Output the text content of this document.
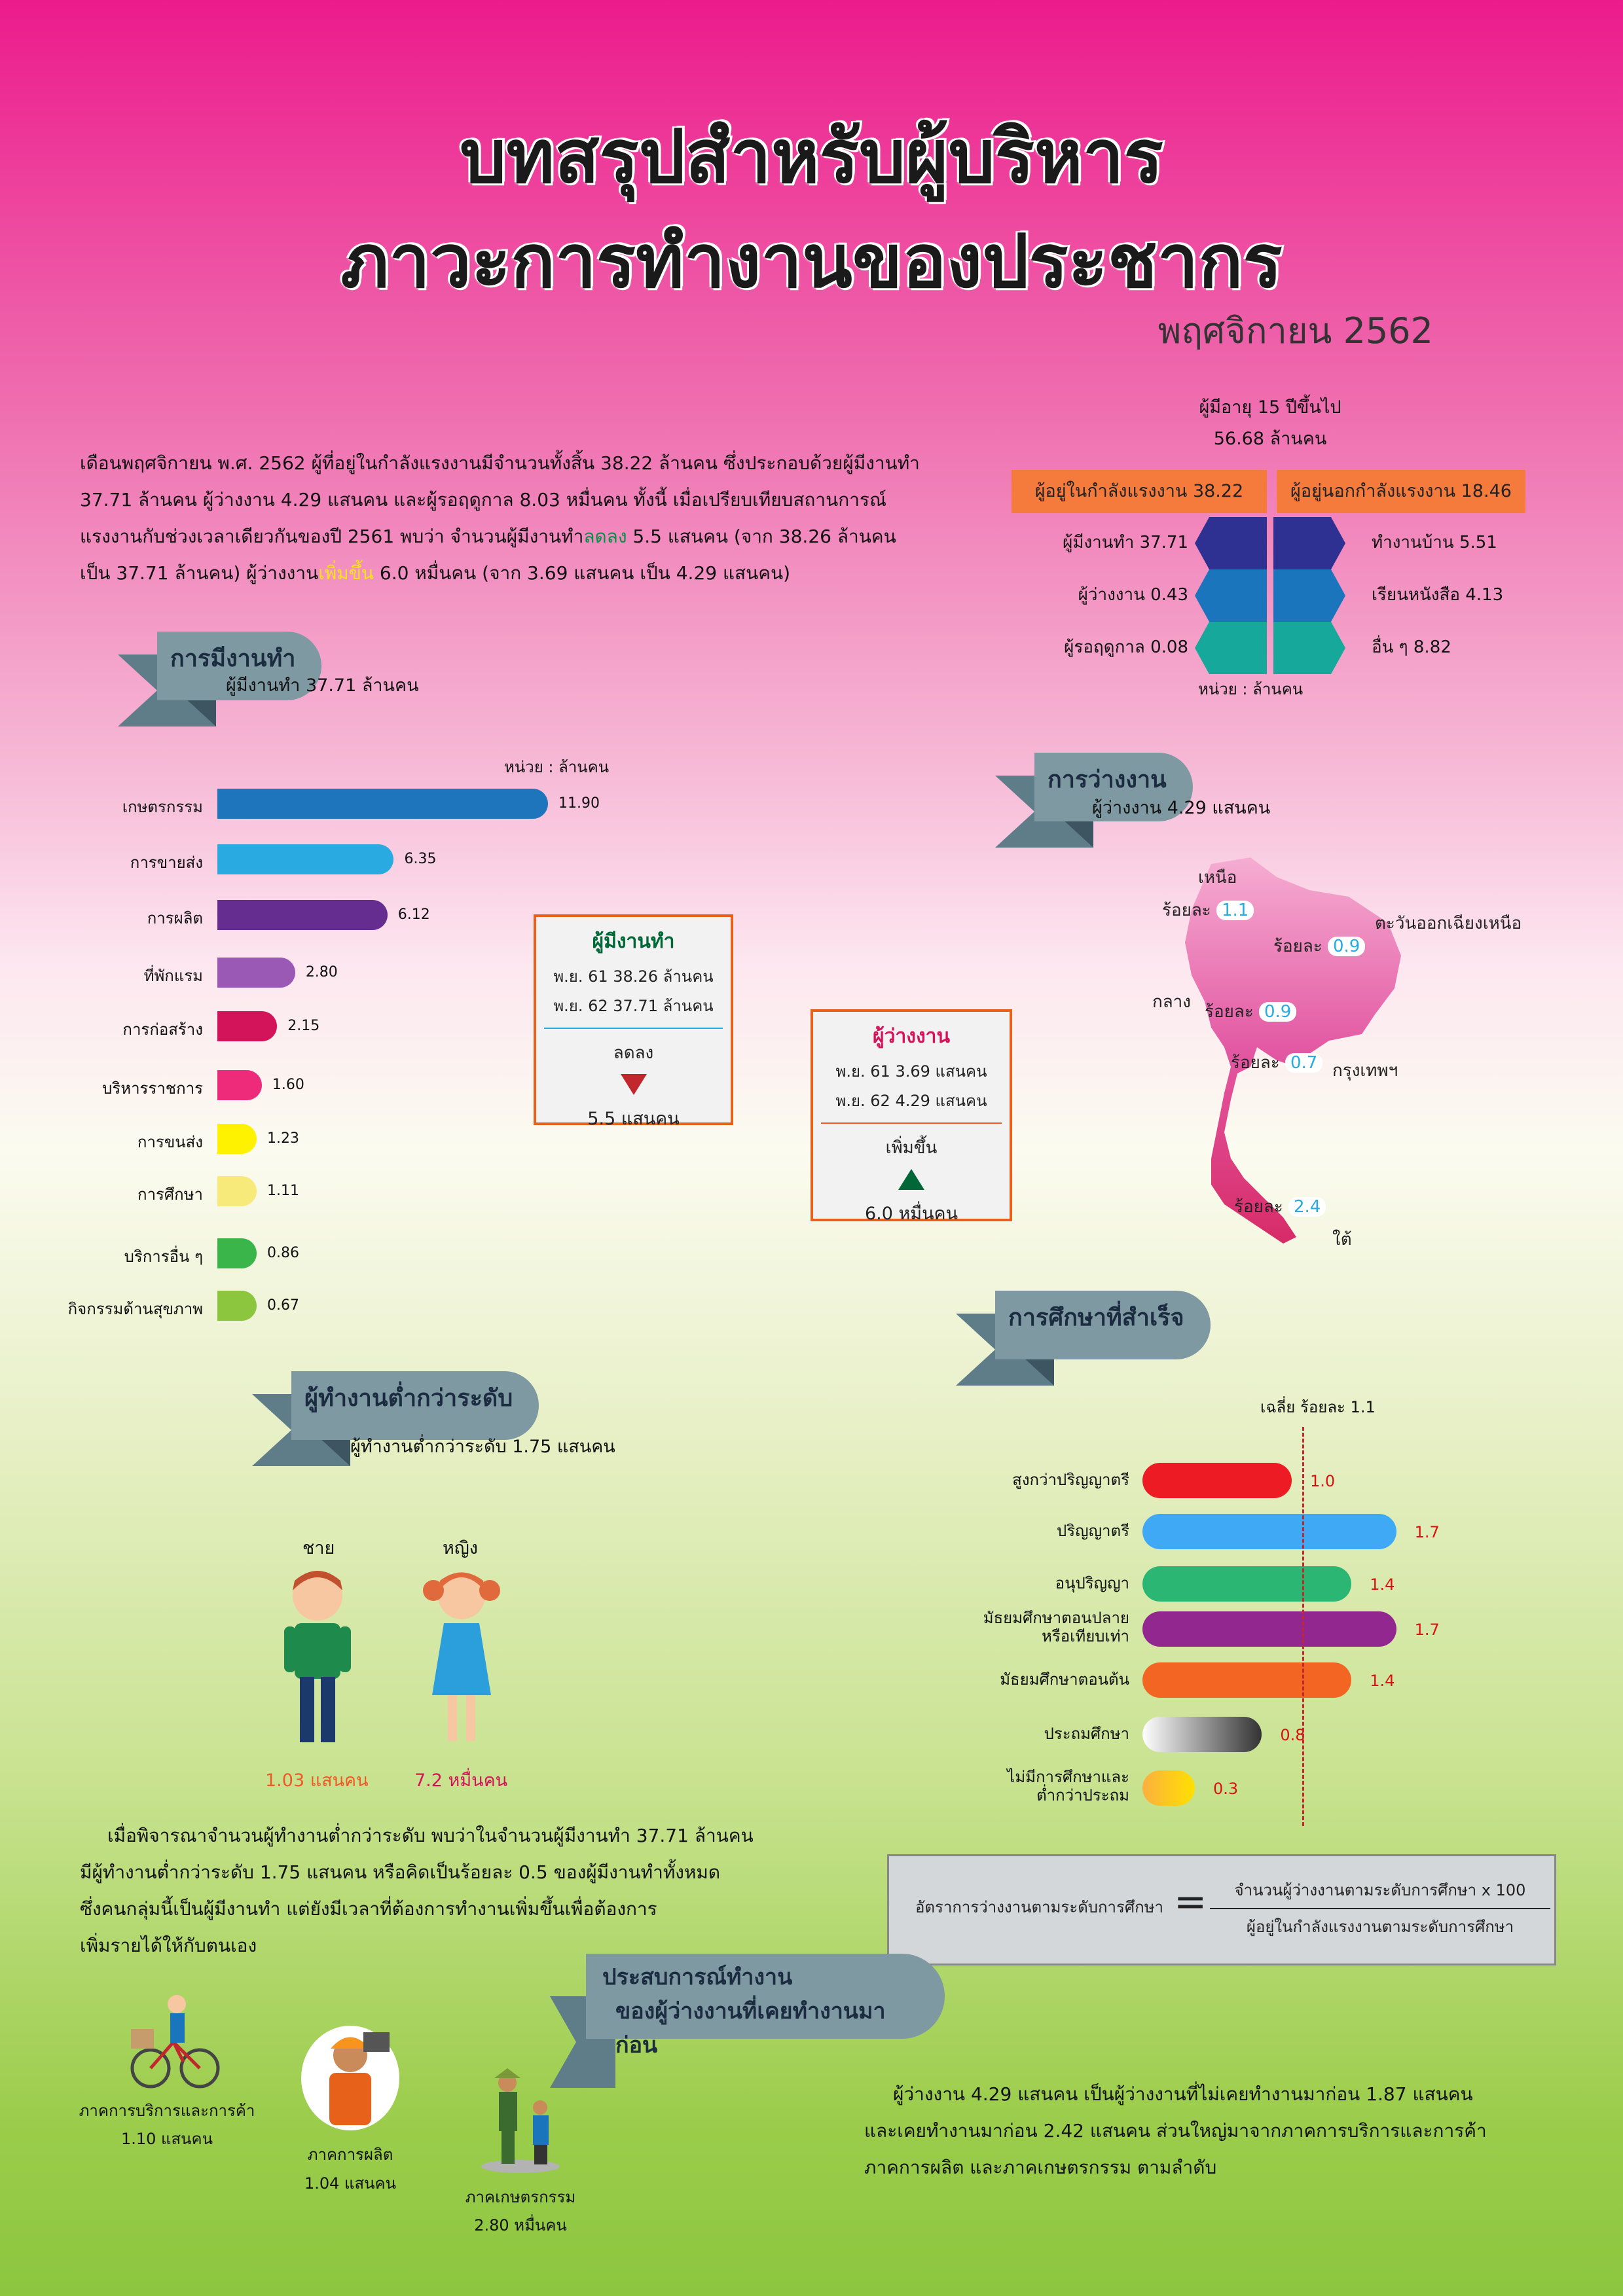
บทสรุปสำหรับผู้บริหาร
ภาวะการทำงานของประชากร
พฤศจิกายน 2562
เดือนพฤศจิกายน พ.ศ. 2562 ผู้ที่อยู่ในกำลังแรงงานมีจำนวนทั้งสิ้น 38.22 ล้านคน ซึ่งประกอบด้วยผู้มีงานทำ
37.71 ล้านคน ผู้ว่างงาน 4.29 แสนคน และผู้รอฤดูกาล 8.03 หมื่นคน ทั้งนี้ เมื่อเปรียบเทียบสถานการณ์
แรงงานกับช่วงเวลาเดียวกันของปี 2561 พบว่า จำนวนผู้มีงานทำลดลง 5.5 แสนคน (จาก 38.26 ล้านคน
เป็น 37.71 ล้านคน) ผู้ว่างงานเพิ่มขึ้น 6.0 หมื่นคน (จาก 3.69 แสนคน เป็น 4.29 แสนคน)
ผู้มีอายุ 15 ปีขึ้นไป
56.68 ล้านคน
ผู้อยู่ในกำลังแรงงาน 38.22	ผู้อยู่นอกกำลังแรงงาน 18.46
ผู้มีงานทำ 37.71
ผู้ว่างงาน 0.43
ผู้รอฤดูกาล 0.08
ทำงานบ้าน 5.51
เรียนหนังสือ 4.13
อื่น ๆ 8.82
หน่วย : ล้านคน
การมีงานทำ
ผู้มีงานทำ 37.71 ล้านคน
หน่วย : ล้านคน
เกษตรกรรม	11.90
การขายส่ง	6.35
การผลิต	6.12
ที่พักแรม	2.80
การก่อสร้าง	2.15
บริหารราชการ	1.60
การขนส่ง	1.23
การศึกษา	1.11
บริการอื่น ๆ	0.86
กิจกรรมด้านสุขภาพ	0.67
ผู้มีงานทำ
พ.ย. 61 38.26 ล้านคน
พ.ย. 62 37.71 ล้านคน
ลดลง
5.5 แสนคน
ผู้ว่างงาน
พ.ย. 61 3.69 แสนคน
พ.ย. 62 4.29 แสนคน
เพิ่มขึ้น
6.0 หมื่นคน
การว่างงาน
ผู้ว่างงาน 4.29 แสนคน
เหนือ
ร้อยละ 1.1
ตะวันออกเฉียงเหนือ
ร้อยละ 0.9
กลาง ร้อยละ 0.9
กรุงเทพฯ
ร้อยละ 0.7
ร้อยละ 2.4
ใต้
การศึกษาที่สำเร็จ
เฉลี่ย ร้อยละ 1.1
สูงกว่าปริญญาตรี	1.0
ปริญญาตรี	1.7
อนุปริญญา	1.4
มัธยมศึกษาตอนปลาย
หรือเทียบเท่า	1.7
มัธยมศึกษาตอนต้น	1.4
ประถมศึกษา	0.8
ไม่มีการศึกษาและ
ต่ำกว่าประถม	0.3
อัตราการว่างงานตามระดับการศึกษา =	จำนวนผู้ว่างงานตามระดับการศึกษา x 100
ผู้อยู่ในกำลังแรงงานตามระดับการศึกษา
ผู้ทำงานต่ำกว่าระดับ
ผู้ทำงานต่ำกว่าระดับ 1.75 แสนคน
ชาย	หญิง
1.03 แสนคน	7.2 หมื่นคน
เมื่อพิจารณาจำนวนผู้ทำงานต่ำกว่าระดับ พบว่าในจำนวนผู้มีงานทำ 37.71 ล้านคน
มีผู้ทำงานต่ำกว่าระดับ 1.75 แสนคน หรือคิดเป็นร้อยละ 0.5 ของผู้มีงานทำทั้งหมด
ซึ่งคนกลุ่มนี้เป็นผู้มีงานทำ แต่ยังมีเวลาที่ต้องการทำงานเพิ่มขึ้นเพื่อต้องการ
เพิ่มรายได้ให้กับตนเอง
ประสบการณ์ทำงาน
ของผู้ว่างงานที่เคยทำงานมาก่อน
ภาคการบริการและการค้า
1.10 แสนคน
ภาคการผลิต
1.04 แสนคน
ภาคเกษตรกรรม
2.80 หมื่นคน
ผู้ว่างงาน 4.29 แสนคน เป็นผู้ว่างงานที่ไม่เคยทำงานมาก่อน 1.87 แสนคน
และเคยทำงานมาก่อน 2.42 แสนคน ส่วนใหญ่มาจากภาคการบริการและการค้า
ภาคการผลิต และภาคเกษตรกรรม ตามลำดับ
